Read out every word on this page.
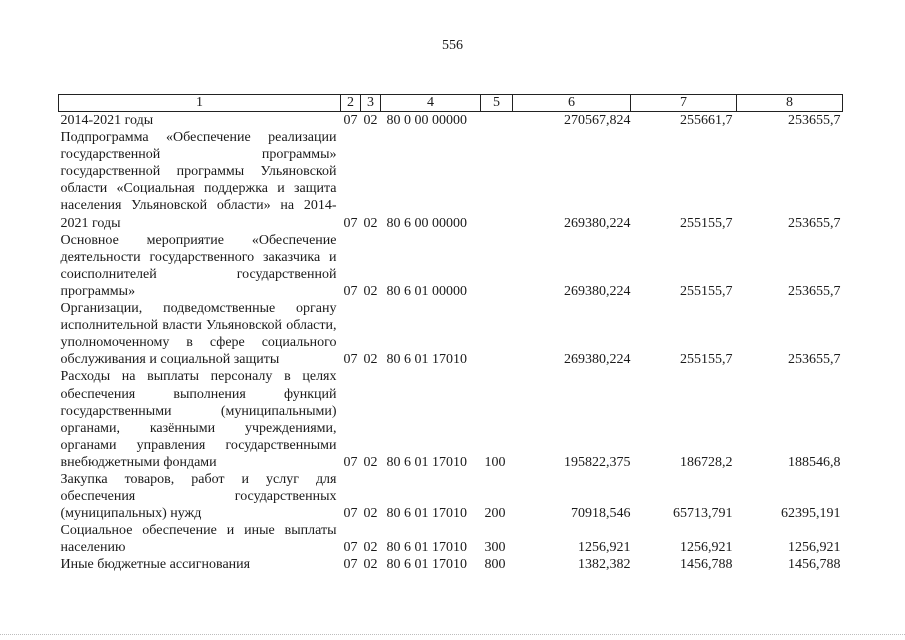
556
1	2	3	4	5	6	7	8
2014-2021 годы	07	02	80 0 00 00000		270567,824	255661,7	253655,7
Подпрограмма «Обеспечение реализации государственной программы» государственной программы Ульяновской области «Социальная поддержка и защита населения Ульяновской области» на 2014-2021 годы	07	02	80 6 00 00000		269380,224	255155,7	253655,7
Основное мероприятие «Обеспечение деятельности государственного заказчика и соисполнителей государственной программы»	07	02	80 6 01 00000		269380,224	255155,7	253655,7
Организации, подведомственные органу исполнительной власти Ульяновской области, уполномоченному в сфере социального обслуживания и социальной защиты	07	02	80 6 01 17010		269380,224	255155,7	253655,7
Расходы на выплаты персоналу в целях обеспечения выполнения функций государственными (муниципальными) органами, казёнными учреждениями, органами управления государственными внебюджетными фондами	07	02	80 6 01 17010	100	195822,375	186728,2	188546,8
Закупка товаров, работ и услуг для обеспечения государственных (муниципальных) нужд	07	02	80 6 01 17010	200	70918,546	65713,791	62395,191
Социальное обеспечение и иные выплаты населению	07	02	80 6 01 17010	300	1256,921	1256,921	1256,921
Иные бюджетные ассигнования	07	02	80 6 01 17010	800	1382,382	1456,788	1456,788
